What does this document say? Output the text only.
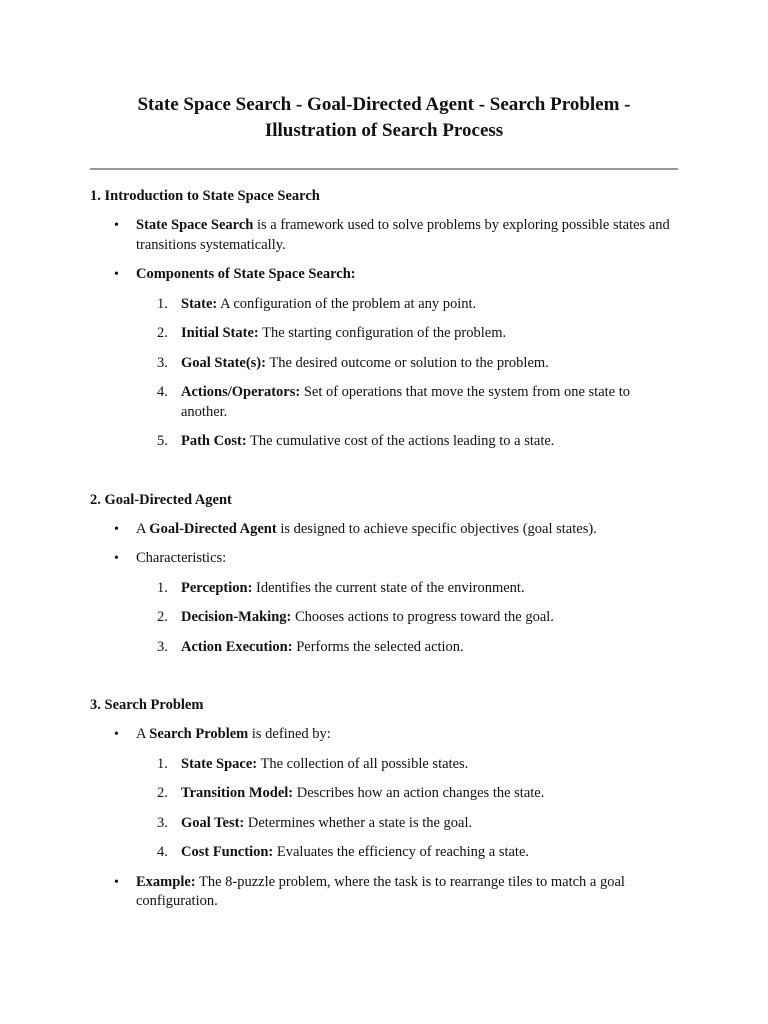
State Space Search - Goal-Directed Agent - Search Problem -
Illustration of Search Process
1. Introduction to State Space Search
• State Space Search is a framework used to solve problems by exploring possible states and transitions systematically.
• Components of State Space Search:
1. State: A configuration of the problem at any point.
2. Initial State: The starting configuration of the problem.
3. Goal State(s): The desired outcome or solution to the problem.
4. Actions/Operators: Set of operations that move the system from one state to another.
5. Path Cost: The cumulative cost of the actions leading to a state.
2. Goal-Directed Agent
• A Goal-Directed Agent is designed to achieve specific objectives (goal states).
• Characteristics:
1. Perception: Identifies the current state of the environment.
2. Decision-Making: Chooses actions to progress toward the goal.
3. Action Execution: Performs the selected action.
3. Search Problem
• A Search Problem is defined by:
1. State Space: The collection of all possible states.
2. Transition Model: Describes how an action changes the state.
3. Goal Test: Determines whether a state is the goal.
4. Cost Function: Evaluates the efficiency of reaching a state.
• Example: The 8-puzzle problem, where the task is to rearrange tiles to match a goal configuration.
